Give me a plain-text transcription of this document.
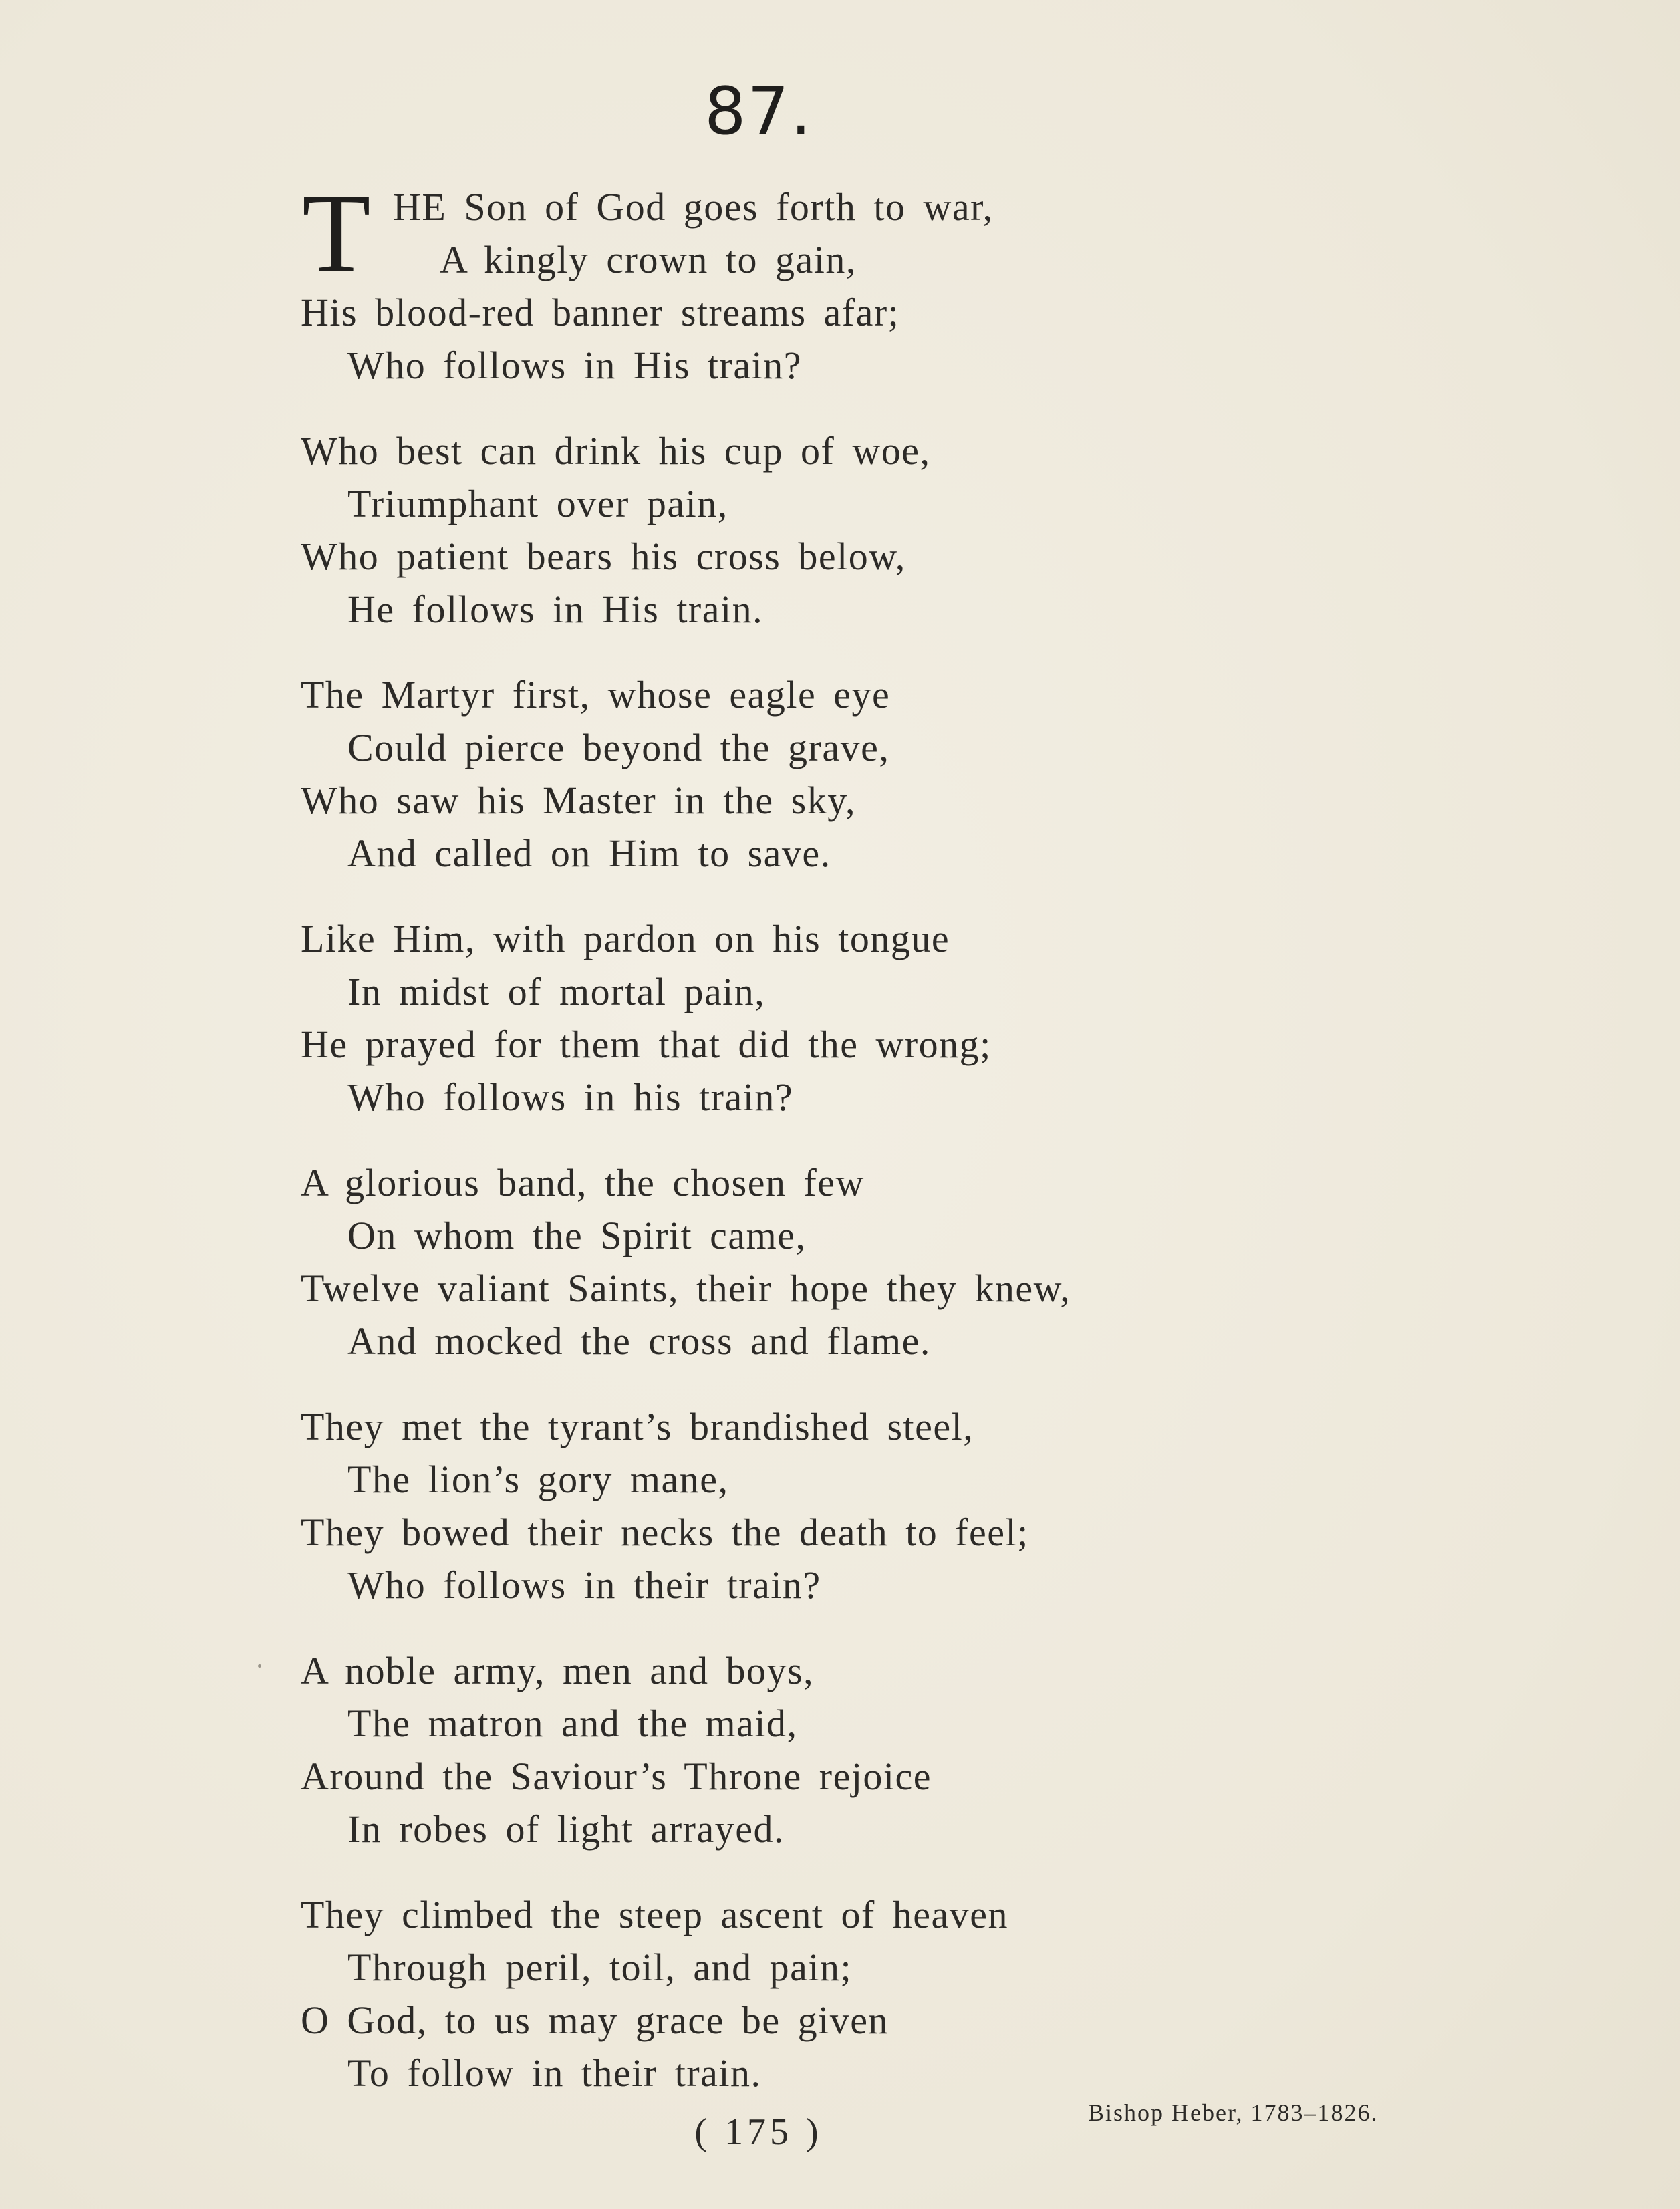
87.
T HE Son of God goes forth to war,
A kingly crown to gain,
His blood-red banner streams afar;
Who follows in His train?
Who best can drink his cup of woe,
Triumphant over pain,
Who patient bears his cross below,
He follows in His train.
The Martyr first, whose eagle eye
Could pierce beyond the grave,
Who saw his Master in the sky,
And called on Him to save.
Like Him, with pardon on his tongue
In midst of mortal pain,
He prayed for them that did the wrong;
Who follows in his train?
A glorious band, the chosen few
On whom the Spirit came,
Twelve valiant Saints, their hope they knew,
And mocked the cross and flame.
They met the tyrant’s brandished steel,
The lion’s gory mane,
They bowed their necks the death to feel;
Who follows in their train?
A noble army, men and boys,
The matron and the maid,
Around the Saviour’s Throne rejoice
In robes of light arrayed.
They climbed the steep ascent of heaven
Through peril, toil, and pain;
O God, to us may grace be given
To follow in their train.
Bishop Heber, 1783–1826.
( 175 )
